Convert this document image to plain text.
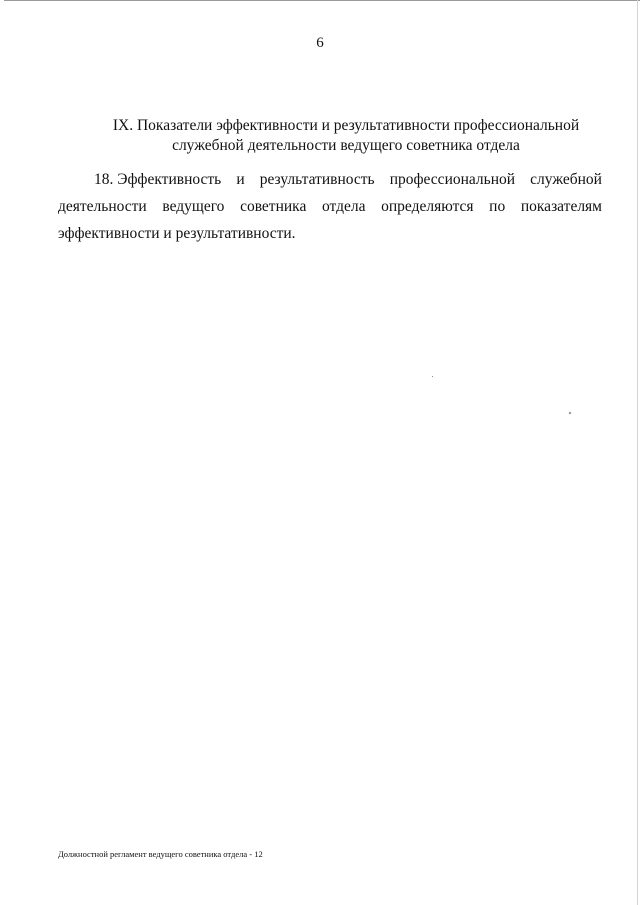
6
IX. Показатели эффективности и результативности профессиональной
служебной деятельности ведущего советника отдела
18. Эффективность и результативность профессиональной служебной
деятельности ведущего советника отдела определяются по показателям
эффективности и результативности.
Должностной регламент ведущего советника отдела - 12
